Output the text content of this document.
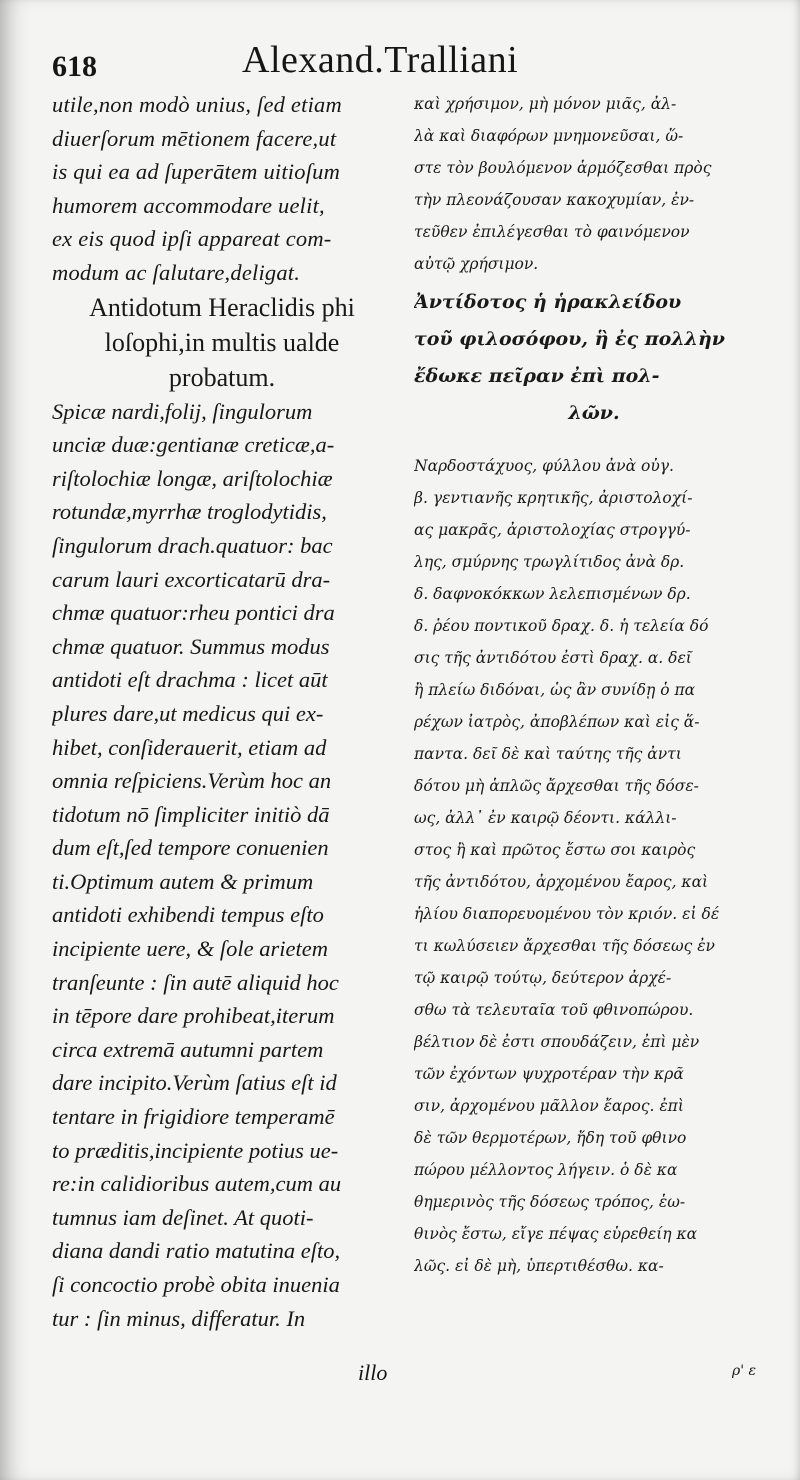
618	Alexand.Tralliani
utile,non modò unius, ſed etiam
diuerſorum mētionem facere,ut
is qui ea ad ſuperātem uitioſum
humorem accommodare uelit,
ex eis quod ipſi appareat com-
modum ac ſalutare,deligat.
Antidotum Heraclidis phi
loſophi,in multis ualde
probatum.
Spicæ nardi,folij, ſingulorum
unciæ duæ:gentianæ creticæ,a-
riſtolochiæ longæ, ariſtolochiæ
rotundæ,myrrhæ troglodytidis,
ſingulorum drach.quatuor: bac
carum lauri excorticatarū dra-
chmæ quatuor:rheu pontici dra
chmæ quatuor. Summus modus
antidoti eſt drachma : licet aūt
plures dare,ut medicus qui ex-
hibet, conſiderauerit, etiam ad
omnia reſpiciens.Verùm hoc an
tidotum nō ſimpliciter initiò dā
dum eſt,ſed tempore conuenien
ti.Optimum autem & primum
antidoti exhibendi tempus eſto
incipiente uere, & ſole arietem
tranſeunte : ſin autē aliquid hoc
in tēpore dare prohibeat,iterum
circa extremā autumni partem
dare incipito.Verùm ſatius eſt id
tentare in frigidiore temperamē
to præditis,incipiente potius ue-
re:in calidioribus autem,cum au
tumnus iam deſinet. At quoti-
diana dandi ratio matutina eſto,
ſi concoctio probè obita inuenia
tur : ſin minus, differatur. In
καὶ χρήσιμον, μὴ μόνον μιᾶς, ἀλ-
λὰ καὶ διαφόρων μνημονεῦσαι, ὥ-
στε τὸν βουλόμενον ἁρμόζεσθαι πρὸς
τὴν πλεονάζουσαν κακοχυμίαν, ἐν-
τεῦθεν ἐπιλέγεσθαι τὸ φαινόμενον
αὐτῷ χρήσιμον.
Ἀντίδοτος ἡ ἡρακλείδου
τοῦ φιλοσόφου, ἣ ἐς πολλὴν
ἔδωκε πεῖραν ἐπὶ πολ-
λῶν.
Ναρδοστάχυος, φύλλου ἀνὰ οὐγ.
β. γεντιανῆς κρητικῆς, ἀριστολοχί-
ας μακρᾶς, ἀριστολοχίας στρογγύ-
λης, σμύρνης τρωγλίτιδος ἀνὰ δρ.
δ. δαφνοκόκκων λελεπισμένων δρ.
δ. ῥέου ποντικοῦ δραχ. δ. ἡ τελεία δό
σις τῆς ἀντιδότου ἐστὶ δραχ. α. δεῖ
ἢ πλείω διδόναι, ὡς ἂν συνίδῃ ὁ πα
ρέχων ἰατρὸς, ἀποβλέπων καὶ εἰς ἅ-
παντα. δεῖ δὲ καὶ ταύτης τῆς ἀντι
δότου μὴ ἁπλῶς ἄρχεσθαι τῆς δόσε-
ως, ἀλλ᾽ ἐν καιρῷ δέοντι. κάλλι-
στος ἢ καὶ πρῶτος ἔστω σοι καιρὸς
τῆς ἀντιδότου, ἀρχομένου ἔαρος, καὶ
ἡλίου διαπορευομένου τὸν κριόν. εἰ δέ
τι κωλύσειεν ἄρχεσθαι τῆς δόσεως ἐν
τῷ καιρῷ τούτῳ, δεύτερον ἀρχέ-
σθω τὰ τελευταῖα τοῦ φθινοπώρου.
βέλτιον δὲ ἐστι σπουδάζειν, ἐπὶ μὲν
τῶν ἐχόντων ψυχροτέραν τὴν κρᾶ
σιν, ἀρχομένου μᾶλλον ἔαρος. ἐπὶ
δὲ τῶν θερμοτέρων, ἤδη τοῦ φθινο
πώρου μέλλοντος λήγειν. ὁ δὲ κα
θημερινὸς τῆς δόσεως τρόπος, ἑω-
θινὸς ἔστω, εἴγε πέψας εὑρεθείη κα
λῶς. εἰ δὲ μὴ, ὑπερτιθέσθω. κα-
illo	ρ' ε
